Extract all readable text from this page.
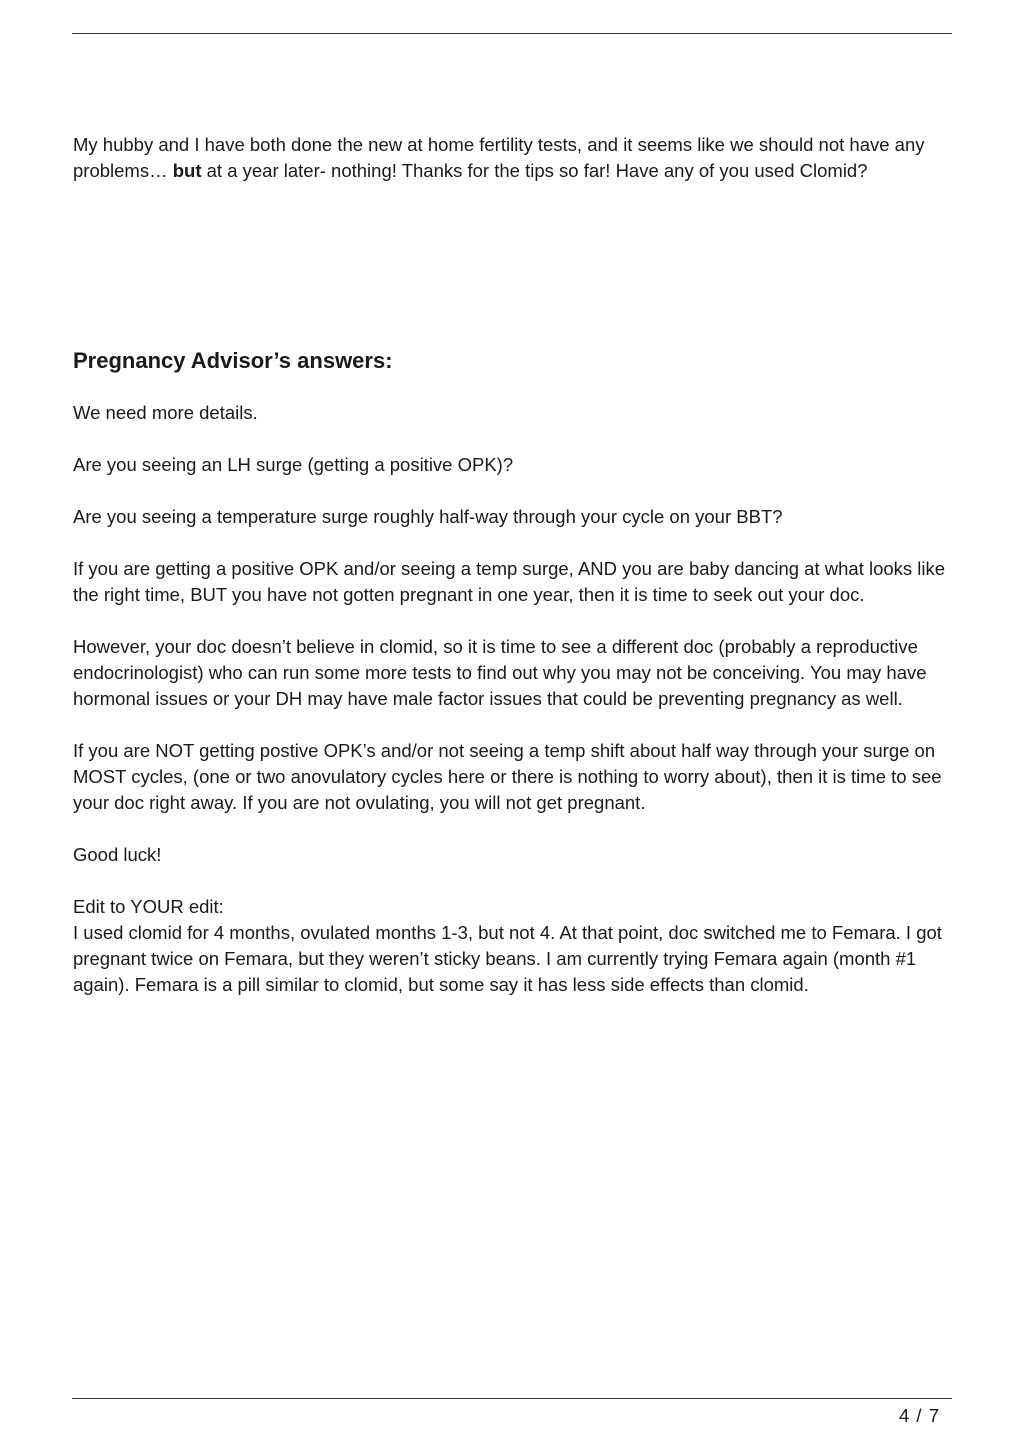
My hubby and I have both done the new at home fertility tests, and it seems like we should not have any problems… but at a year later- nothing! Thanks for the tips so far! Have any of you used Clomid?

Pregnancy Advisor’s answers:

We need more details.

Are you seeing an LH surge (getting a positive OPK)?

Are you seeing a temperature surge roughly half-way through your cycle on your BBT?

If you are getting a positive OPK and/or seeing a temp surge, AND you are baby dancing at what looks like the right time, BUT you have not gotten pregnant in one year, then it is time to seek out your doc.

However, your doc doesn’t believe in clomid, so it is time to see a different doc (probably a reproductive endocrinologist) who can run some more tests to find out why you may not be conceiving. You may have hormonal issues or your DH may have male factor issues that could be preventing pregnancy as well.

If you are NOT getting postive OPK’s and/or not seeing a temp shift about half way through your surge on MOST cycles, (one or two anovulatory cycles here or there is nothing to worry about), then it is time to see your doc right away. If you are not ovulating, you will not get pregnant.

Good luck!

Edit to YOUR edit:
I used clomid for 4 months, ovulated months 1-3, but not 4. At that point, doc switched me to Femara. I got pregnant twice on Femara, but they weren’t sticky beans. I am currently trying Femara again (month #1 again). Femara is a pill similar to clomid, but some say it has less side effects than clomid.

4 / 7
